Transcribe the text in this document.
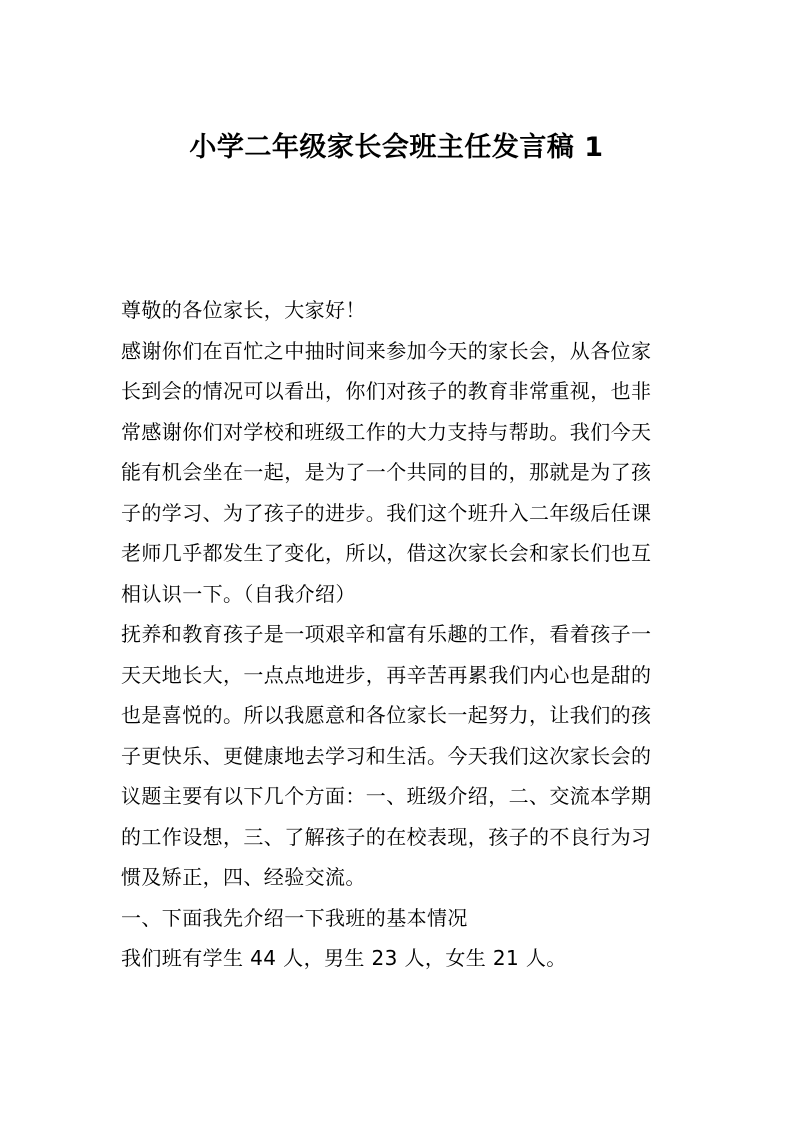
小学二年级家长会班主任发言稿 1
尊敬的各位家长，大家好！
感谢你们在百忙之中抽时间来参加今天的家长会，从各位家
长到会的情况可以看出，你们对孩子的教育非常重视，也非
常感谢你们对学校和班级工作的大力支持与帮助。我们今天
能有机会坐在一起，是为了一个共同的目的，那就是为了孩
子的学习、为了孩子的进步。我们这个班升入二年级后任课
老师几乎都发生了变化，所以，借这次家长会和家长们也互
相认识一下。（自我介绍）
抚养和教育孩子是一项艰辛和富有乐趣的工作，看着孩子一
天天地长大，一点点地进步，再辛苦再累我们内心也是甜的
也是喜悦的。所以我愿意和各位家长一起努力，让我们的孩
子更快乐、更健康地去学习和生活。今天我们这次家长会的
议题主要有以下几个方面：一、班级介绍，二、交流本学期
的工作设想，三、了解孩子的在校表现，孩子的不良行为习
惯及矫正，四、经验交流。
一、下面我先介绍一下我班的基本情况
我们班有学生 44 人，男生 23 人，女生 21 人。
